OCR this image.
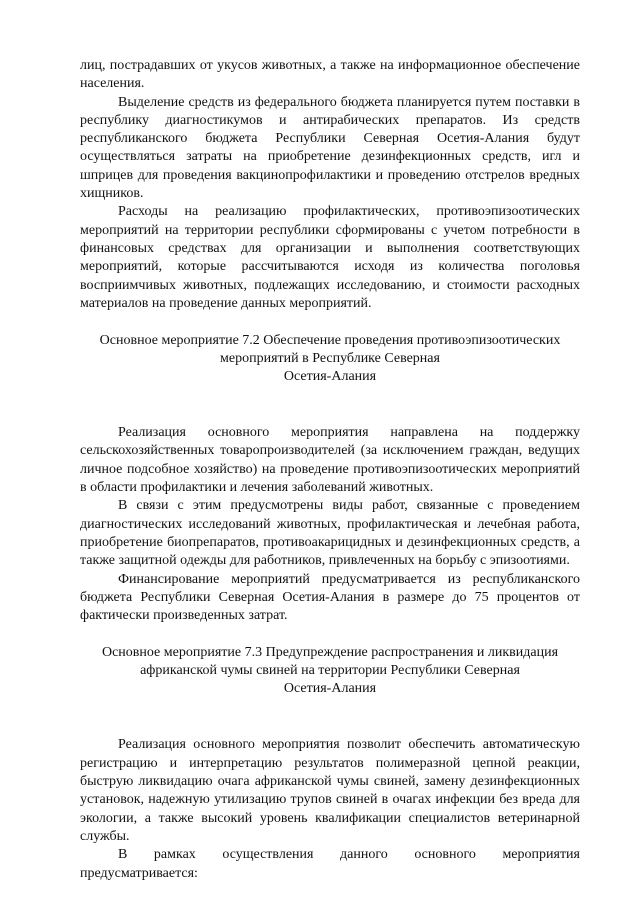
лиц, пострадавших от укусов животных, а также на информационное обеспечение населения.

Выделение средств из федерального бюджета планируется путем поставки в республику диагностикумов и антирабических препаратов. Из средств республиканского бюджета Республики Северная Осетия-Алания будут осуществляться затраты на приобретение дезинфекционных средств, игл и шприцев для проведения вакцинопрофилактики и проведению отстрелов вредных хищников.

Расходы на реализацию профилактических, противоэпизоотических мероприятий на территории республики сформированы с учетом потребности в финансовых средствах для организации и выполнения соответствующих мероприятий, которые рассчитываются исходя из количества поголовья восприимчивых животных, подлежащих исследованию, и стоимости расходных материалов на проведение данных мероприятий.

Основное мероприятие 7.2 Обеспечение проведения противоэпизоотических
мероприятий в Республике Северная
Осетия-Алания

Реализация основного мероприятия направлена на поддержку сельскохозяйственных товаропроизводителей (за исключением граждан, ведущих личное подсобное хозяйство) на проведение противоэпизоотических мероприятий в области профилактики и лечения заболеваний животных.

В связи с этим предусмотрены виды работ, связанные с проведением диагностических исследований животных, профилактическая и лечебная работа, приобретение биопрепаратов, противоакарицидных и дезинфекционных средств, а также защитной одежды для работников, привлеченных на борьбу с эпизоотиями.

Финансирование мероприятий предусматривается из республиканского бюджета Республики Северная Осетия-Алания в размере до 75 процентов от фактически произведенных затрат.

Основное мероприятие 7.3 Предупреждение распространения и ликвидация
африканской чумы свиней на территории Республики Северная
Осетия-Алания

Реализация основного мероприятия позволит обеспечить автоматическую регистрацию и интерпретацию результатов полимеразной цепной реакции, быструю ликвидацию очага африканской чумы свиней, замену дезинфекционных установок, надежную утилизацию трупов свиней в очагах инфекции без вреда для экологии, а также высокий уровень квалификации специалистов ветеринарной службы.

В рамках осуществления данного основного мероприятия предусматривается:
